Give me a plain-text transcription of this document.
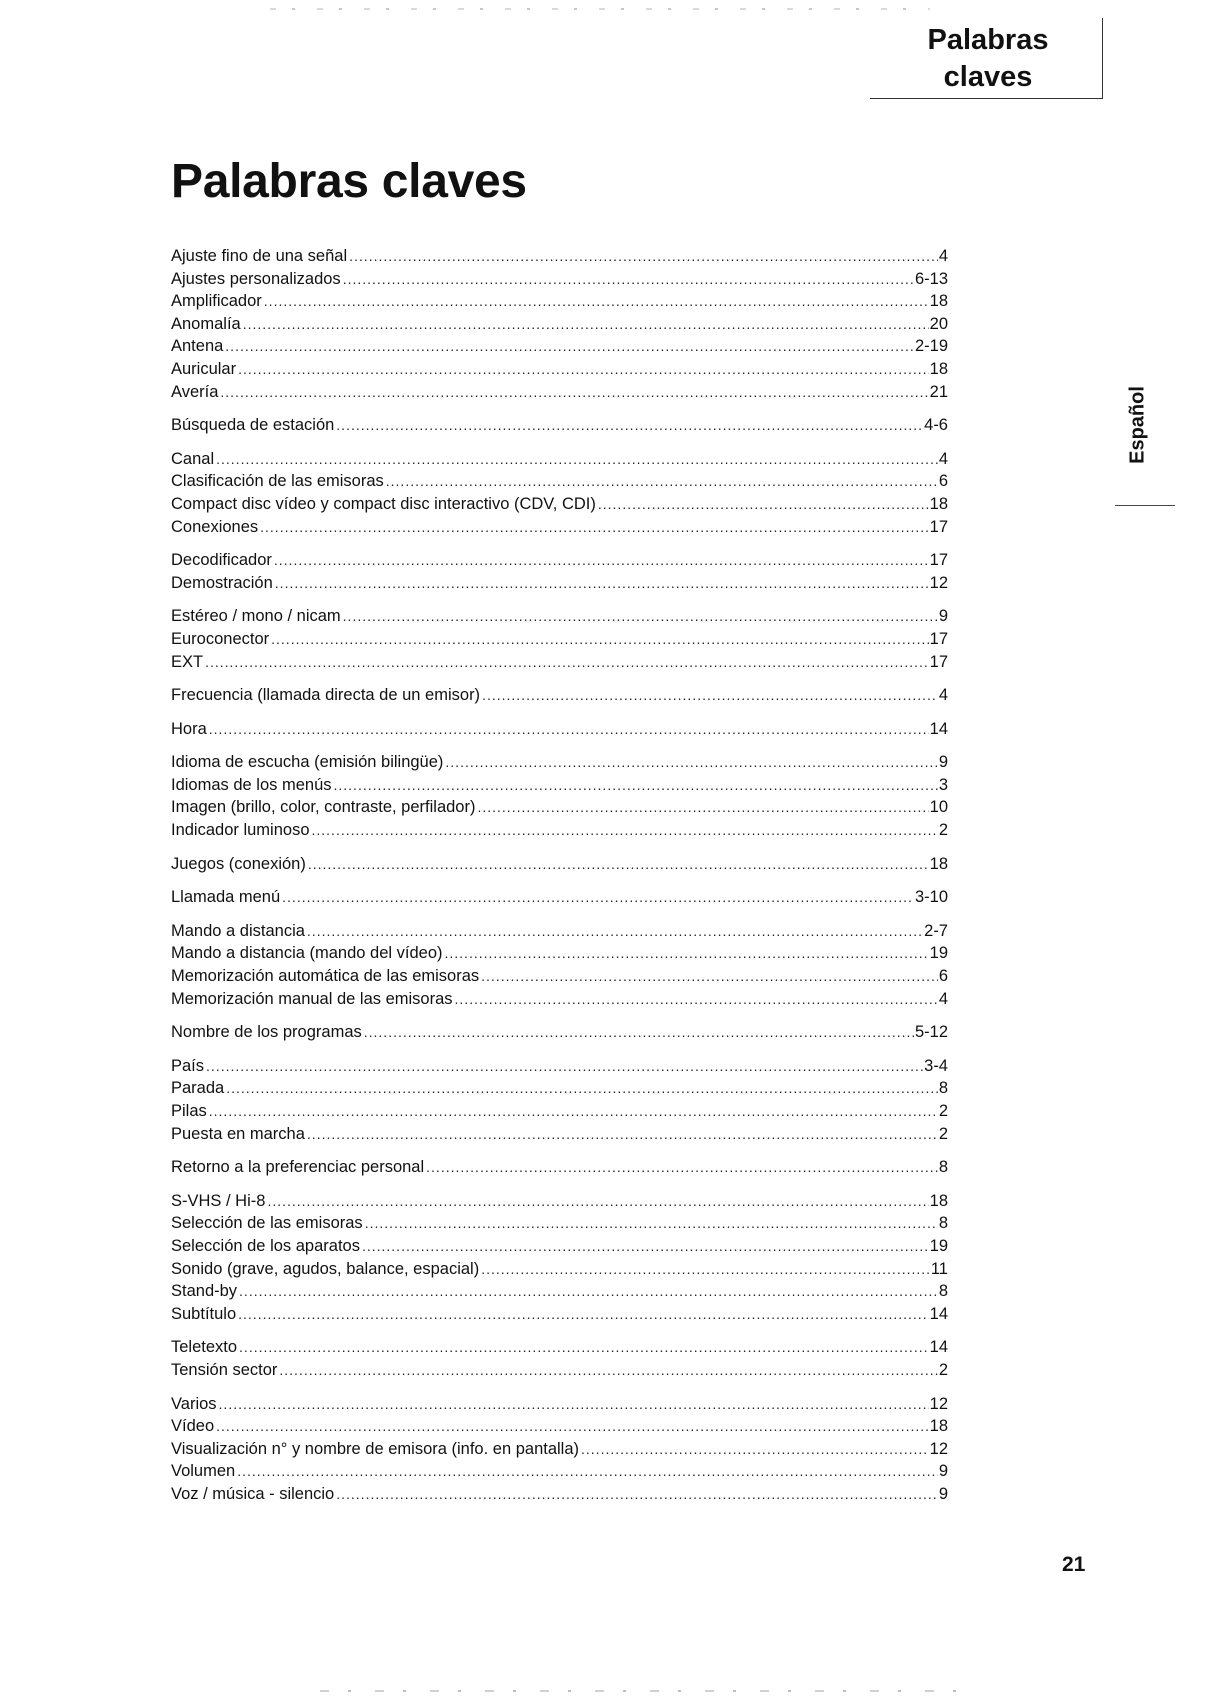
Palabras
claves
Palabras claves
Español
Ajuste fino de una señal .....	4
Ajustes personalizados .....	6-13
Amplificador .....	18
Anomalía .....	20
Antena .....	2-19
Auricular .....	18
Avería .....	21
Búsqueda de estación .....	4-6
Canal .....	4
Clasificación de las emisoras .....	6
Compact disc vídeo y compact disc interactivo (CDV, CDI) .....	18
Conexiones .....	17
Decodificador .....	17
Demostración .....	12
Estéreo / mono / nicam .....	9
Euroconector .....	17
EXT .....	17
Frecuencia (llamada directa de un emisor) .....	4
Hora .....	14
Idioma de escucha (emisión bilingüe) .....	9
Idiomas de los menús .....	3
Imagen (brillo, color, contraste, perfilador) .....	10
Indicador luminoso .....	2
Juegos (conexión) .....	18
Llamada menú .....	3-10
Mando a distancia .....	2-7
Mando a distancia (mando del vídeo) .....	19
Memorización automática de las emisoras .....	6
Memorización manual de las emisoras .....	4
Nombre de los programas .....	5-12
País .....	3-4
Parada .....	8
Pilas .....	2
Puesta en marcha .....	2
Retorno a la preferenciac personal .....	8
S-VHS / Hi-8 .....	18
Selección de las emisoras .....	8
Selección de los aparatos .....	19
Sonido (grave, agudos, balance, espacial) .....	11
Stand-by .....	8
Subtítulo .....	14
Teletexto .....	14
Tensión sector .....	2
Varios .....	12
Vídeo .....	18
Visualización n° y nombre de emisora (info. en pantalla) .....	12
Volumen .....	9
Voz / música - silencio .....	9
21
